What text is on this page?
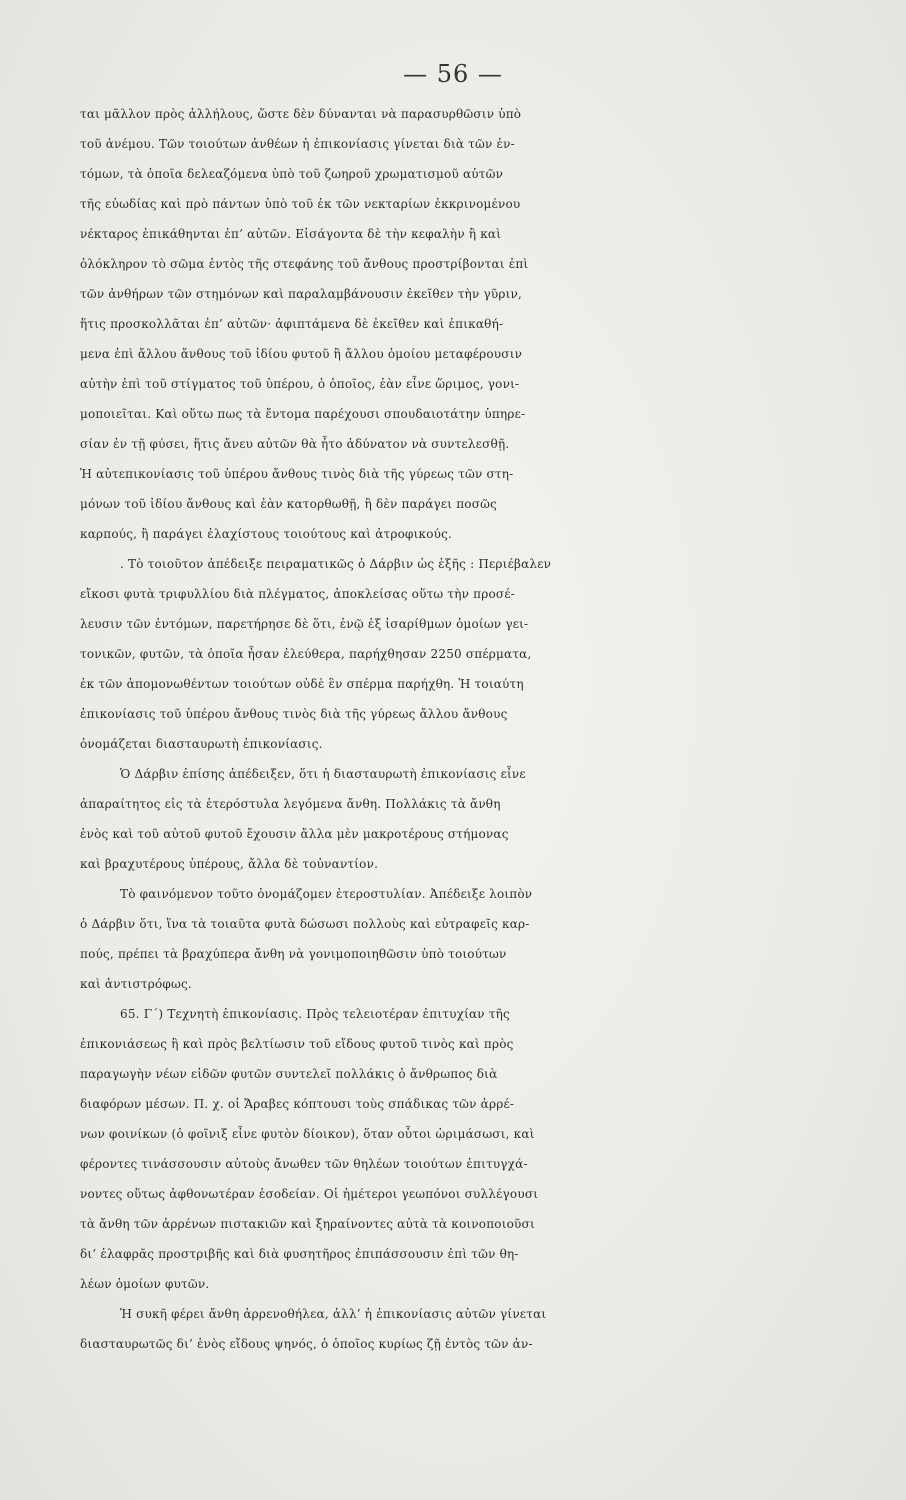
— 56 —
ται μᾶλλον πρὸς ἀλλήλους, ὥστε δὲν δύνανται νὰ παρασυρθῶσιν ὑπὸ
τοῦ ἀνέμου. Τῶν τοιούτων ἀνθέων ἡ ἐπικονίασις γίνεται διὰ τῶν ἐν-
τόμων, τὰ ὁποῖα δελεαζόμενα ὑπὸ τοῦ ζωηροῦ χρωματισμοῦ αὐτῶν
τῆς εὐωδίας καὶ πρὸ πάντων ὑπὸ τοῦ ἐκ τῶν νεκταρίων ἐκκρινομένου
νέκταρος ἐπικάθηνται ἐπ’ αὐτῶν. Εἰσάγοντα δὲ τὴν κεφαλὴν ἢ καὶ
ὁλόκληρον τὸ σῶμα ἐντὸς τῆς στεφάνης τοῦ ἄνθους προστρίβονται ἐπὶ
τῶν ἀνθήρων τῶν στημόνων καὶ παραλαμβάνουσιν ἐκεῖθεν τὴν γῦριν,
ἥτις προσκολλᾶται ἐπ’ αὐτῶν· ἀφιπτάμενα δὲ ἐκεῖθεν καὶ ἐπικαθή-
μενα ἐπὶ ἄλλου ἄνθους τοῦ ἰδίου φυτοῦ ἢ ἄλλου ὁμοίου μεταφέρουσιν
αὐτὴν ἐπὶ τοῦ στίγματος τοῦ ὑπέρου, ὁ ὁποῖος, ἐὰν εἶνε ὥριμος, γονι-
μοποιεῖται. Καὶ οὕτω πως τὰ ἔντομα παρέχουσι σπουδαιοτάτην ὑπηρε-
σίαν ἐν τῇ φύσει, ἥτις ἄνευ αὐτῶν θὰ ἦτο ἀδύνατον νὰ συντελεσθῇ.
Ἡ αὐτεπικονίασις τοῦ ὑπέρου ἄνθους τινὸς διὰ τῆς γύρεως τῶν στη-
μόνων τοῦ ἰδίου ἄνθους καὶ ἐὰν κατορθωθῇ, ἢ δὲν παράγει ποσῶς
καρπούς, ἢ παράγει ἐλαχίστους τοιούτους καὶ ἀτροφικούς.
. Τὸ τοιοῦτον ἀπέδειξε πειραματικῶς ὁ Δάρβιν ὡς ἑξῆς : Περιέβαλεν
εἴκοσι φυτὰ τριφυλλίου διὰ πλέγματος, ἀποκλείσας οὕτω τὴν προσέ-
λευσιν τῶν ἐντόμων, παρετήρησε δὲ ὅτι, ἐνῷ ἐξ ἰσαρίθμων ὁμοίων γει-
τονικῶν, φυτῶν, τὰ ὁποῖα ἦσαν ἐλεύθερα, παρήχθησαν 2250 σπέρματα,
ἐκ τῶν ἀπομονωθέντων τοιούτων οὐδὲ ἓν σπέρμα παρήχθη. Ἡ τοιαύτη
ἐπικονίασις τοῦ ὑπέρου ἄνθους τινὸς διὰ τῆς γύρεως ἄλλου ἄνθους
ὀνομάζεται διασταυρωτὴ ἐπικονίασις.
Ὁ Δάρβιν ἐπίσης ἀπέδειξεν, ὅτι ἡ διασταυρωτὴ ἐπικονίασις εἶνε
ἀπαραίτητος εἰς τὰ ἑτερόστυλα λεγόμενα ἄνθη. Πολλάκις τὰ ἄνθη
ἑνὸς καὶ τοῦ αὐτοῦ φυτοῦ ἔχουσιν ἄλλα μὲν μακροτέρους στήμονας
καὶ βραχυτέρους ὑπέρους, ἄλλα δὲ τοὐναντίον.
Τὸ φαινόμενον τοῦτο ὀνομάζομεν ἑτεροστυλίαν. Ἀπέδειξε λοιπὸν
ὁ Δάρβιν ὅτι, ἵνα τὰ τοιαῦτα φυτὰ δώσωσι πολλοὺς καὶ εὐτραφεῖς καρ-
πούς, πρέπει τὰ βραχύπερα ἄνθη νὰ γονιμοποιηθῶσιν ὑπὸ τοιούτων
καὶ ἀντιστρόφως.
65. Γ΄) Τεχνητὴ ἐπικονίασις. Πρὸς τελειοτέραν ἐπιτυχίαν τῆς
ἐπικονιάσεως ἢ καὶ πρὸς βελτίωσιν τοῦ εἴδους φυτοῦ τινὸς καὶ πρὸς
παραγωγὴν νέων εἰδῶν φυτῶν συντελεῖ πολλάκις ὁ ἄνθρωπος διὰ
διαφόρων μέσων. Π. χ. οἱ Ἄραβες κόπτουσι τοὺς σπάδικας τῶν ἀρρέ-
νων φοινίκων (ὁ φοῖνιξ εἶνε φυτὸν δίοικον), ὅταν οὗτοι ὡριμάσωσι, καὶ
φέροντες τινάσσουσιν αὐτοὺς ἄνωθεν τῶν θηλέων τοιούτων ἐπιτυγχά-
νοντες οὕτως ἀφθονωτέραν ἐσοδείαν. Οἱ ἡμέτεροι γεωπόνοι συλλέγουσι
τὰ ἄνθη τῶν ἀρρένων πιστακιῶν καὶ ξηραίνοντες αὐτὰ τὰ κοινοποιοῦσι
δι’ ἐλαφρᾶς προστριβῆς καὶ διὰ φυσητῆρος ἐπιπάσσουσιν ἐπὶ τῶν θη-
λέων ὁμοίων φυτῶν.
Ἡ συκῆ φέρει ἄνθη ἀρρενοθήλεα, ἀλλ’ ἡ ἐπικονίασις αὐτῶν γίνεται
διασταυρωτῶς δι’ ἑνὸς εἴδους ψηνός, ὁ ὁποῖος κυρίως ζῇ ἐντὸς τῶν ἀν-
